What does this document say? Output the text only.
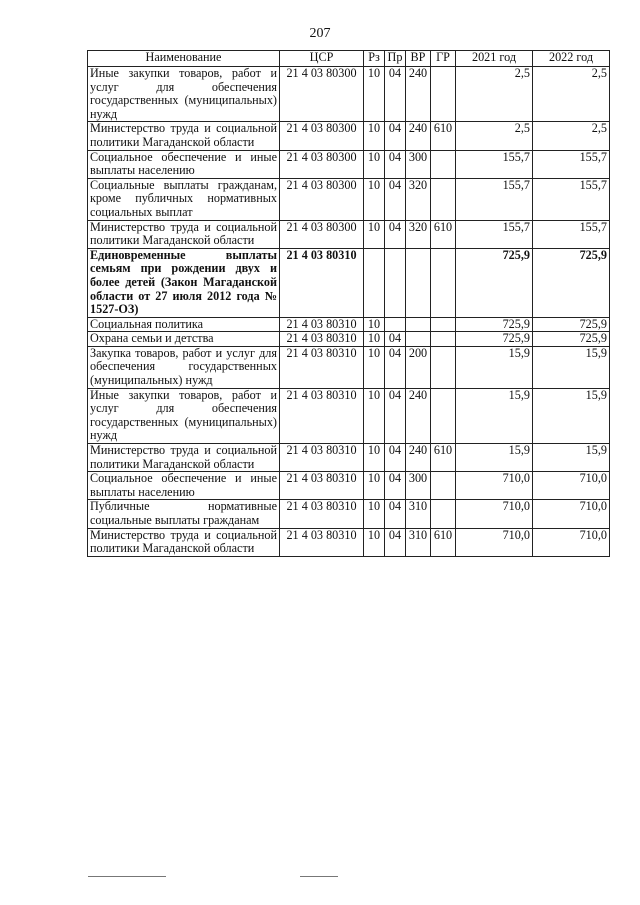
207
Наименование	ЦСР	Рз	Пр	ВР	ГР	2021 год	2022 год
Иные закупки товаров, работ и услуг для обеспечения государственных (муниципальных) нужд	21 4 03 80300	10	04	240		2,5	2,5
Министерство труда и социальной политики Магаданской области	21 4 03 80300	10	04	240	610	2,5	2,5
Социальное обеспечение и иные выплаты населению	21 4 03 80300	10	04	300		155,7	155,7
Социальные выплаты гражданам, кроме публичных нормативных социальных выплат	21 4 03 80300	10	04	320		155,7	155,7
Министерство труда и социальной политики Магаданской области	21 4 03 80300	10	04	320	610	155,7	155,7
Единовременные выплаты семьям при рождении двух и более детей (Закон Магаданской области от 27 июля 2012 года № 1527-ОЗ)	21 4 03 80310					725,9	725,9
Социальная политика	21 4 03 80310	10				725,9	725,9
Охрана семьи и детства	21 4 03 80310	10	04			725,9	725,9
Закупка товаров, работ и услуг для обеспечения государственных (муниципальных) нужд	21 4 03 80310	10	04	200		15,9	15,9
Иные закупки товаров, работ и услуг для обеспечения государственных (муниципальных) нужд	21 4 03 80310	10	04	240		15,9	15,9
Министерство труда и социальной политики Магаданской области	21 4 03 80310	10	04	240	610	15,9	15,9
Социальное обеспечение и иные выплаты населению	21 4 03 80310	10	04	300		710,0	710,0
Публичные нормативные социальные выплаты гражданам	21 4 03 80310	10	04	310		710,0	710,0
Министерство труда и социальной политики Магаданской области	21 4 03 80310	10	04	310	610	710,0	710,0
